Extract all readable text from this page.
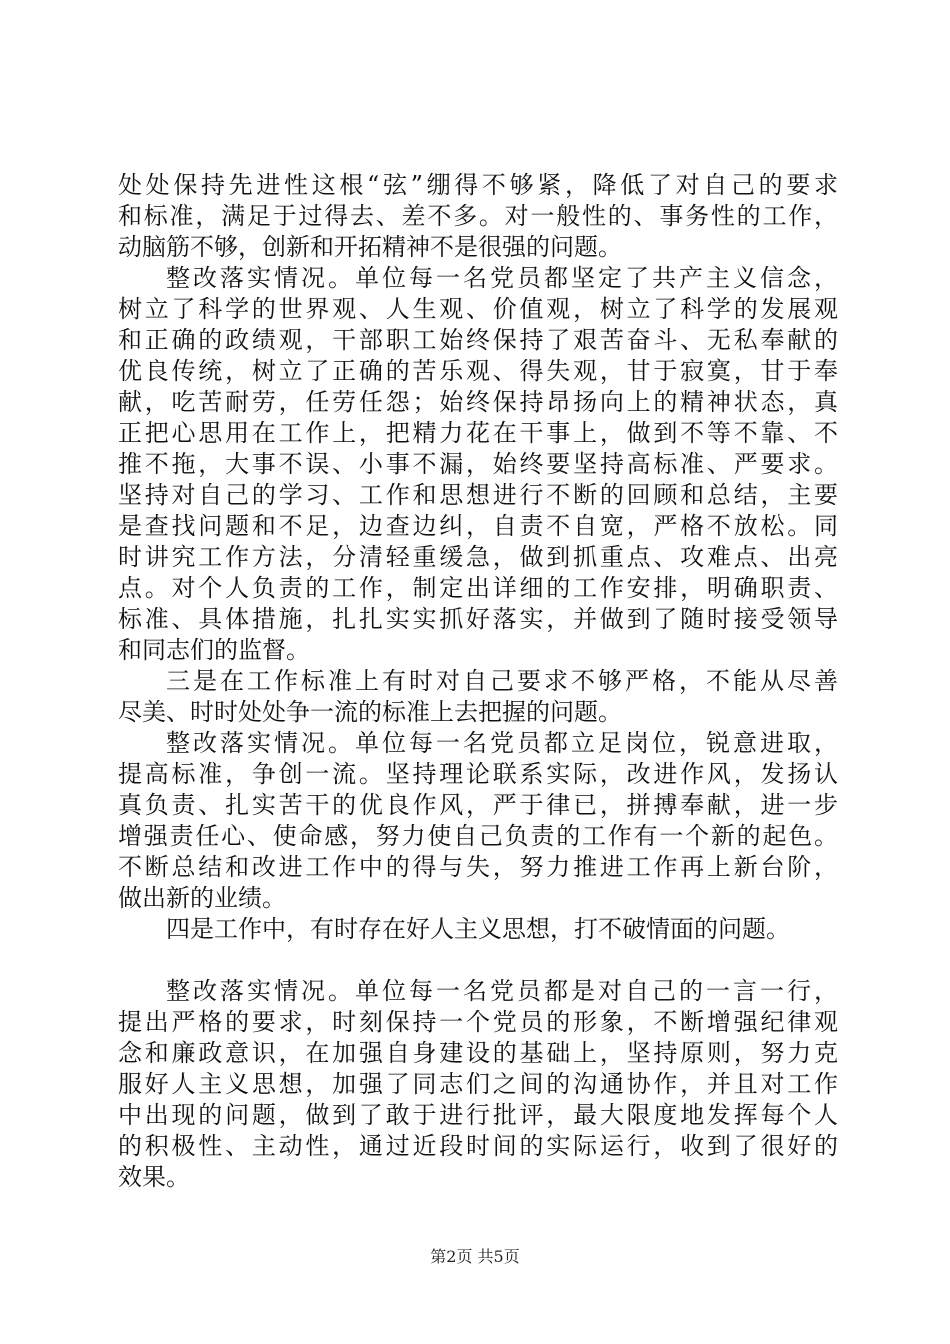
处处保持先进性这根“弦”绷得不够紧，降低了对自己的要求
和标准，满足于过得去、差不多。对一般性的、事务性的工作，
动脑筋不够，创新和开拓精神不是很强的问题。
整改落实情况。单位每一名党员都坚定了共产主义信念，
树立了科学的世界观、人生观、价值观，树立了科学的发展观
和正确的政绩观，干部职工始终保持了艰苦奋斗、无私奉献的
优良传统，树立了正确的苦乐观、得失观，甘于寂寞，甘于奉
献，吃苦耐劳，任劳任怨；始终保持昂扬向上的精神状态，真
正把心思用在工作上，把精力花在干事上，做到不等不靠、不
推不拖，大事不误、小事不漏，始终要坚持高标准、严要求。
坚持对自己的学习、工作和思想进行不断的回顾和总结，主要
是查找问题和不足，边查边纠，自责不自宽，严格不放松。同
时讲究工作方法，分清轻重缓急，做到抓重点、攻难点、出亮
点。对个人负责的工作，制定出详细的工作安排，明确职责、
标准、具体措施，扎扎实实抓好落实，并做到了随时接受领导
和同志们的监督。
三是在工作标准上有时对自己要求不够严格，不能从尽善
尽美、时时处处争一流的标准上去把握的问题。
整改落实情况。单位每一名党员都立足岗位，锐意进取，
提高标准，争创一流。坚持理论联系实际，改进作风，发扬认
真负责、扎实苦干的优良作风，严于律已，拼搏奉献，进一步
增强责任心、使命感，努力使自己负责的工作有一个新的起色。
不断总结和改进工作中的得与失，努力推进工作再上新台阶，
做出新的业绩。
四是工作中，有时存在好人主义思想，打不破情面的问题。
整改落实情况。单位每一名党员都是对自己的一言一行，
提出严格的要求，时刻保持一个党员的形象，不断增强纪律观
念和廉政意识，在加强自身建设的基础上，坚持原则，努力克
服好人主义思想，加强了同志们之间的沟通协作，并且对工作
中出现的问题，做到了敢于进行批评，最大限度地发挥每个人
的积极性、主动性，通过近段时间的实际运行，收到了很好的
效果。
第2页 共5页
